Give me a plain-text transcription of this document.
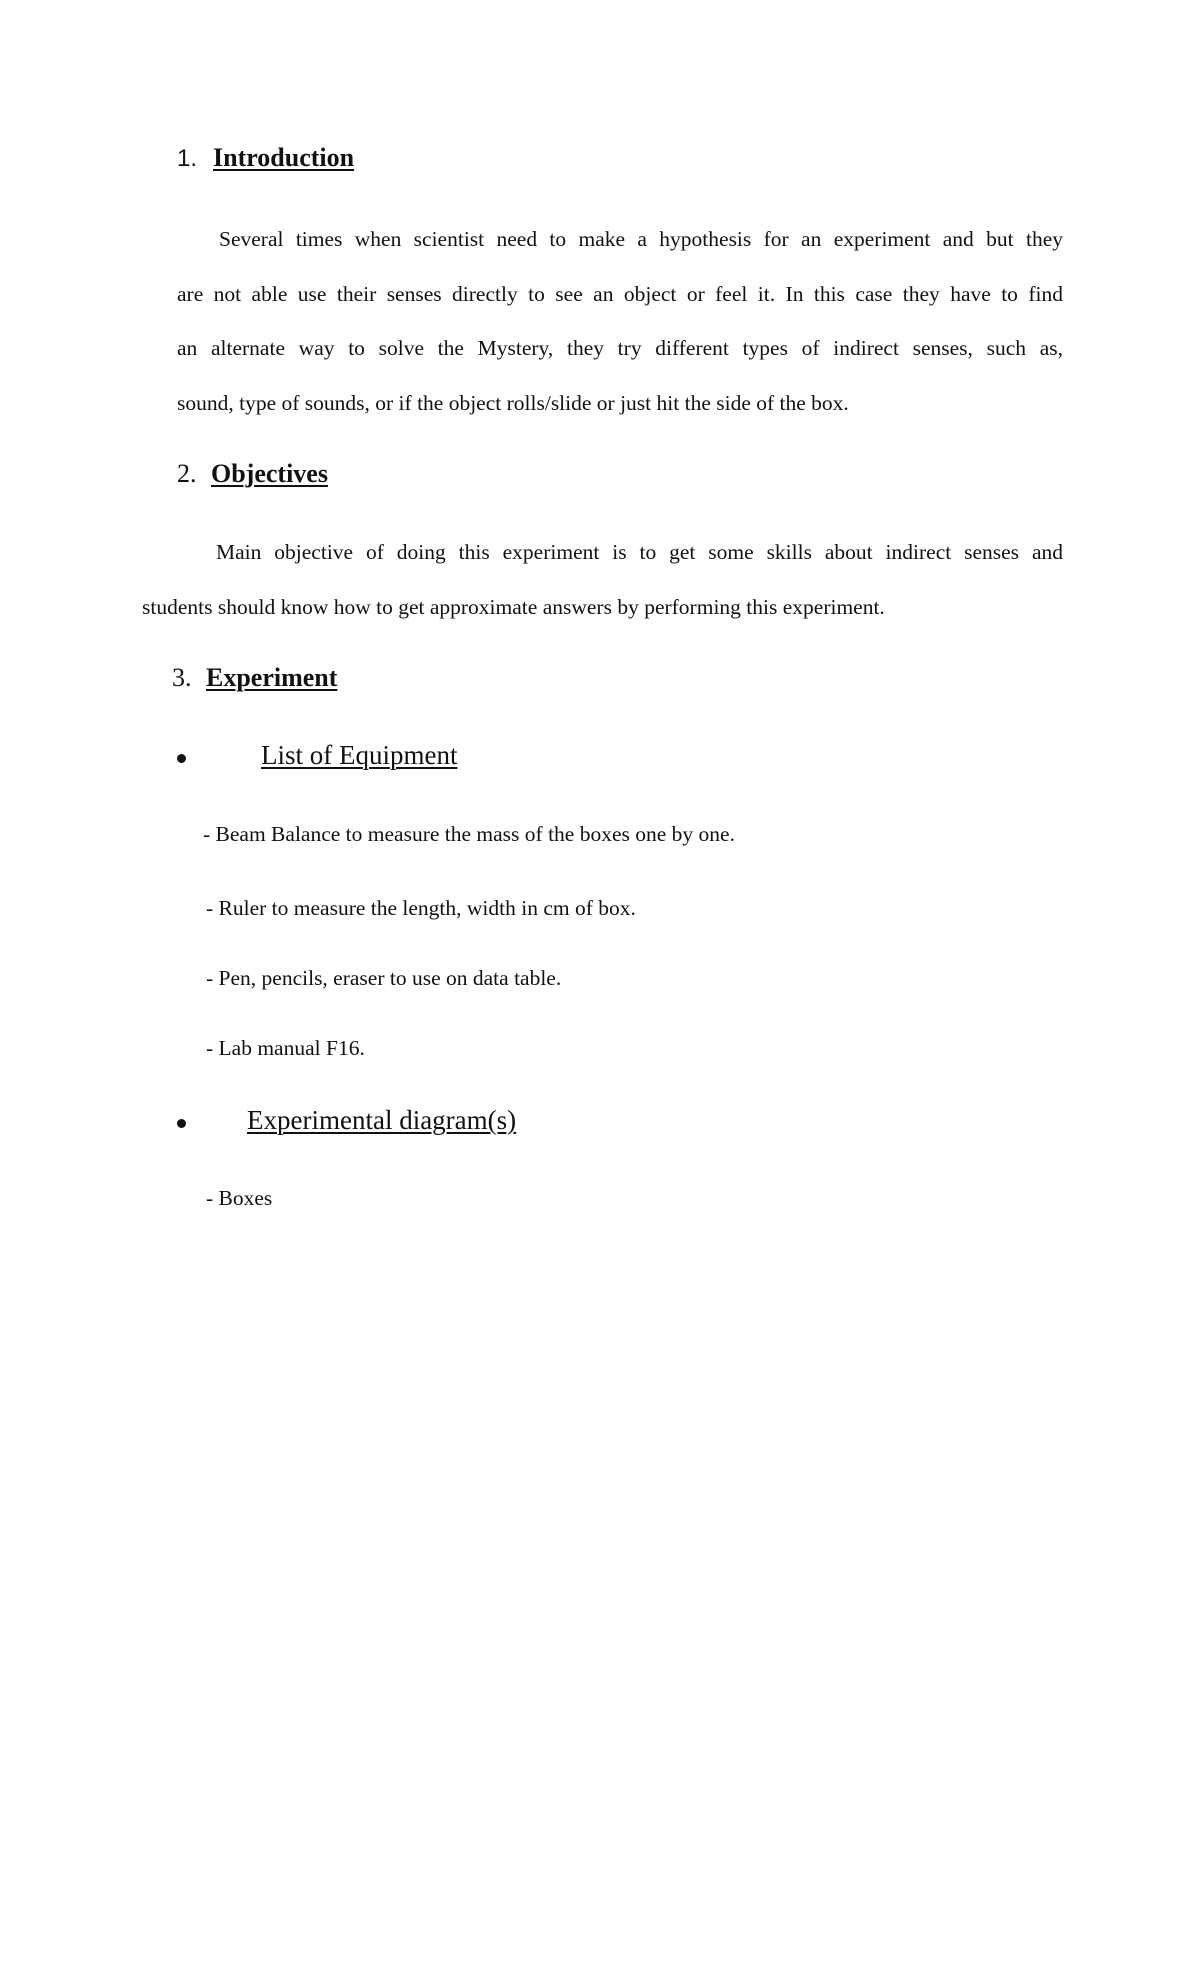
1. Introduction
Several times when scientist need to make a hypothesis for an experiment and but they
are not able use their senses directly to see an object or feel it. In this case they have to find
an alternate way to solve the Mystery, they try different types of indirect senses, such as,
sound, type of sounds, or if the object rolls/slide or just hit the side of the box.
2. Objectives
Main objective of doing this experiment is to get some skills about indirect senses and
students should know how to get approximate answers by performing this experiment.
3. Experiment
List of Equipment
- Beam Balance to measure the mass of the boxes one by one.
- Ruler to measure the length, width in cm of box.
- Pen, pencils, eraser to use on data table.
- Lab manual F16.
Experimental diagram(s)
- Boxes
